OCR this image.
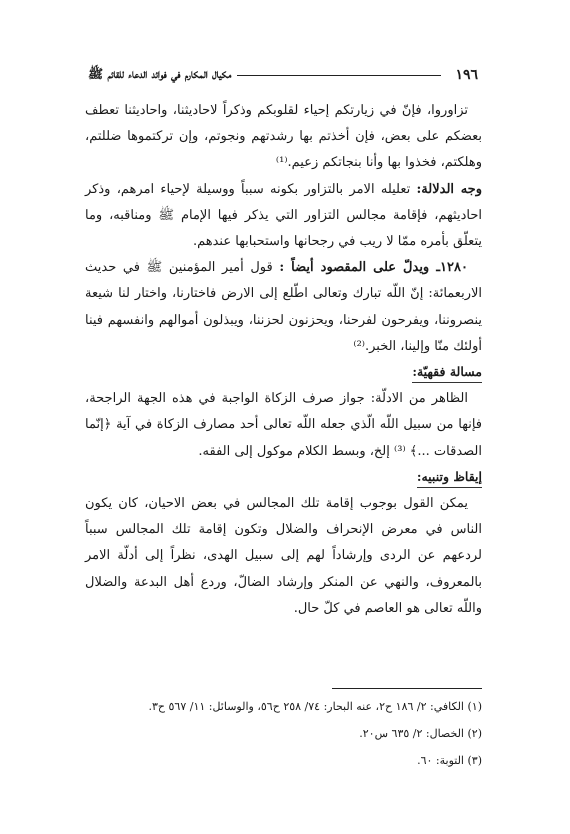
١٩٦
مكيال المكارم في فوائد الدعاء للقائم ﷺ

تزاوروا، فإنّ في زيارتكم إحياء لقلوبكم وذكراً لاحاديثنا، واحاديثنا تعطف بعضكم على بعض، فإن أخذتم بها رشدتهم ونجوتم، وإن تركتموها ضللتم، وهلكتم، فخذوا بها وأنا بنجاتكم زعيم.⁽¹⁾

وجه الدلالة: تعليله الامر بالتزاور بكونه سبباً ووسيلة لإحياء امرهم، وذكر احاديثهم، فإقامة مجالس التزاور التي يذكر فيها الإمام ﷺ ومناقبه، وما يتعلّق بأمره ممّا لا ريب في رجحانها واستحبابها عندهم.

١٢٨٠ـ ويدلّ على المقصود أيضاً : قول أمير المؤمنين ﷺ في حديث الاربعمائة: إنّ اللّه تبارك وتعالى اطّلع إلى الارض فاختارنا، واختار لنا شيعة ينصروننا، ويفرحون لفرحنا، ويحزنون لحزننا، ويبذلون أموالهم وانفسهم فينا أولئك منّا وإلينا، الخبر.⁽²⁾

مسالة فقهيّة:

الظاهر من الادلّة: جواز صرف الزكاة الواجبة في هذه الجهة الراجحة، فإنها من سبيل اللّه الّذي جعله اللّه تعالى أحد مصارف الزكاة في آية ﴿إنّما الصدقات ...﴾ ⁽³⁾ إلخ، وبسط الكلام موكول إلى الفقه.

إيقاظ وتنبيه:

يمكن القول بوجوب إقامة تلك المجالس في بعض الاحيان، كان يكون الناس في معرض الإنحراف والضلال وتكون إقامة تلك المجالس سبباً لردعهم عن الردى وإرشاداً لهم إلى سبيل الهدى، نظراً إلى أدلّة الامر بالمعروف، والنهي عن المنكر وإرشاد الضالّ، وردع أهل البدعة والضلال واللّه تعالى هو العاصم في كلّ حال.

(١) الكافي: ٢/ ١٨٦ ح٢، عنه البحار: ٧٤/ ٢٥٨ ح٥٦، والوسائل: ١١/ ٥٦٧ ح٣.

(٢) الخصال: ٢/ ٦٣٥ س٢٠.

(٣) التوبة: ٦٠.
